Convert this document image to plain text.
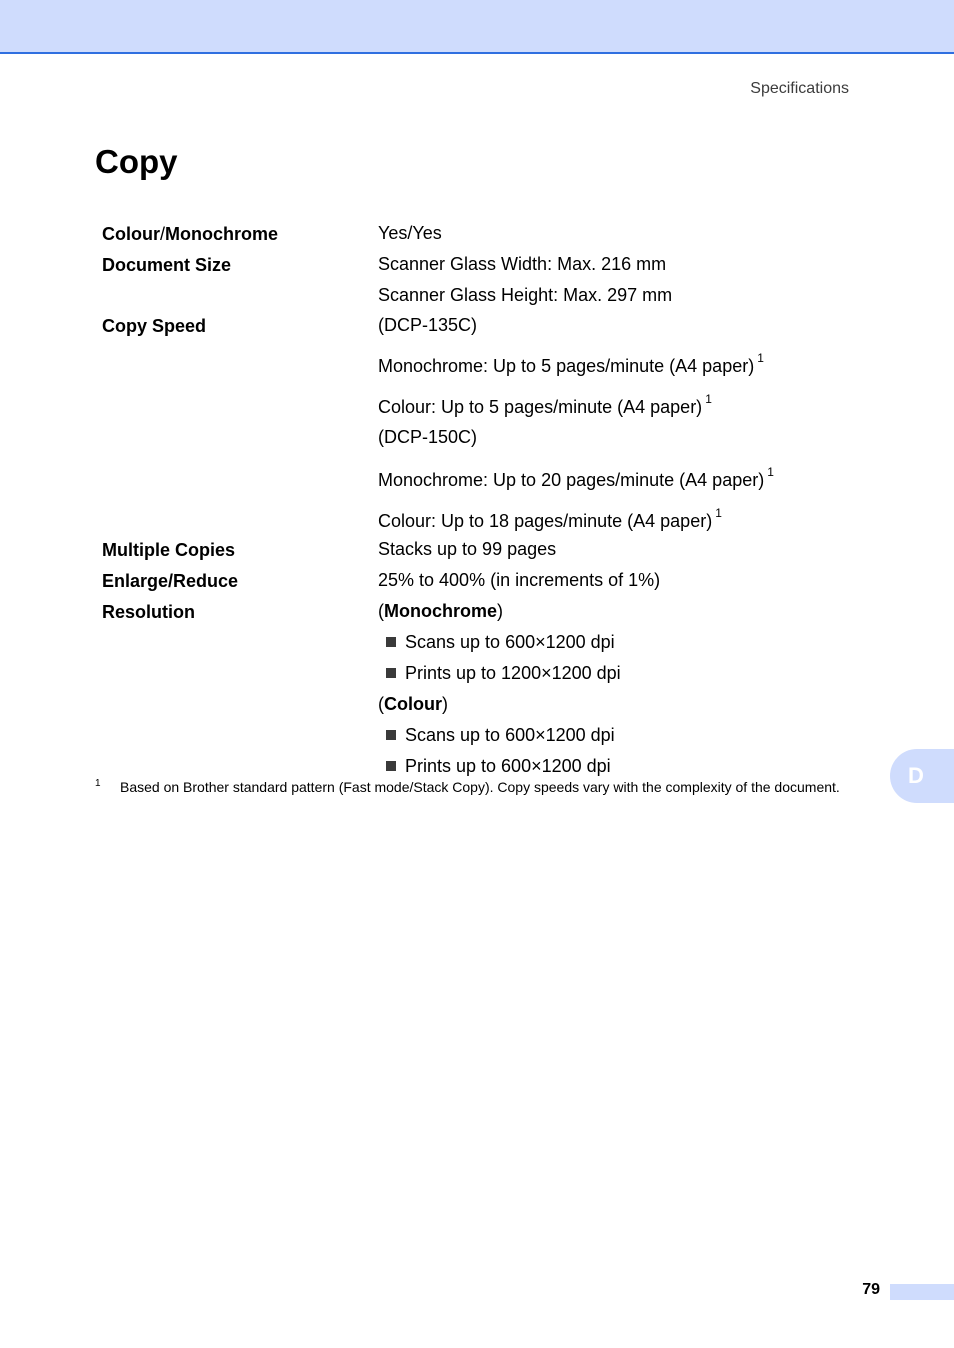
Specifications
Copy
Colour/Monochrome	Yes/Yes
Document Size	Scanner Glass Width: Max. 216 mm
Scanner Glass Height: Max. 297 mm
Copy Speed	(DCP-135C)
Monochrome: Up to 5 pages/minute (A4 paper) $^1$
Colour: Up to 5 pages/minute (A4 paper) $^1$
(DCP-150C)
Monochrome: Up to 20 pages/minute (A4 paper) $^1$
Colour: Up to 18 pages/minute (A4 paper) $^1$
Multiple Copies	Stacks up to 99 pages
Enlarge/Reduce	25% to 400% (in increments of 1%)
Resolution	(Monochrome)
Scans up to 600×1200 dpi
Prints up to 1200×1200 dpi
(Colour)
Scans up to 600×1200 dpi
Prints up to 600×1200 dpi
1 Based on Brother standard pattern (Fast mode/Stack Copy). Copy speeds vary with the complexity of the document.	D
79
